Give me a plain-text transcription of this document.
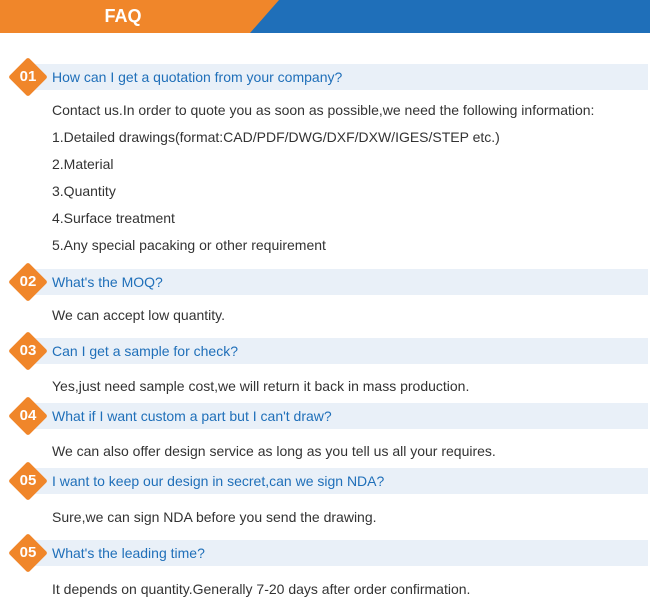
FAQ
01	How can I get a quotation from your company?
Contact us.In order to quote you as soon as possible,we need the following information:
1.Detailed drawings(format:CAD/PDF/DWG/DXF/DXW/IGES/STEP etc.)
2.Material
3.Quantity
4.Surface treatment
5.Any special pacaking or other requirement
02	What's the MOQ?
We can accept low quantity.
03	Can I get a sample for check?
Yes,just need sample cost,we will return it back in mass production.
04	What if I want custom a part but I can't draw?
We can also offer design service as long as you tell us all your requires.
05	I want to keep our design in secret,can we sign NDA?
Sure,we can sign NDA before you send the drawing.
05	What's the leading time?
It depends on quantity.Generally 7-20 days after order confirmation.
